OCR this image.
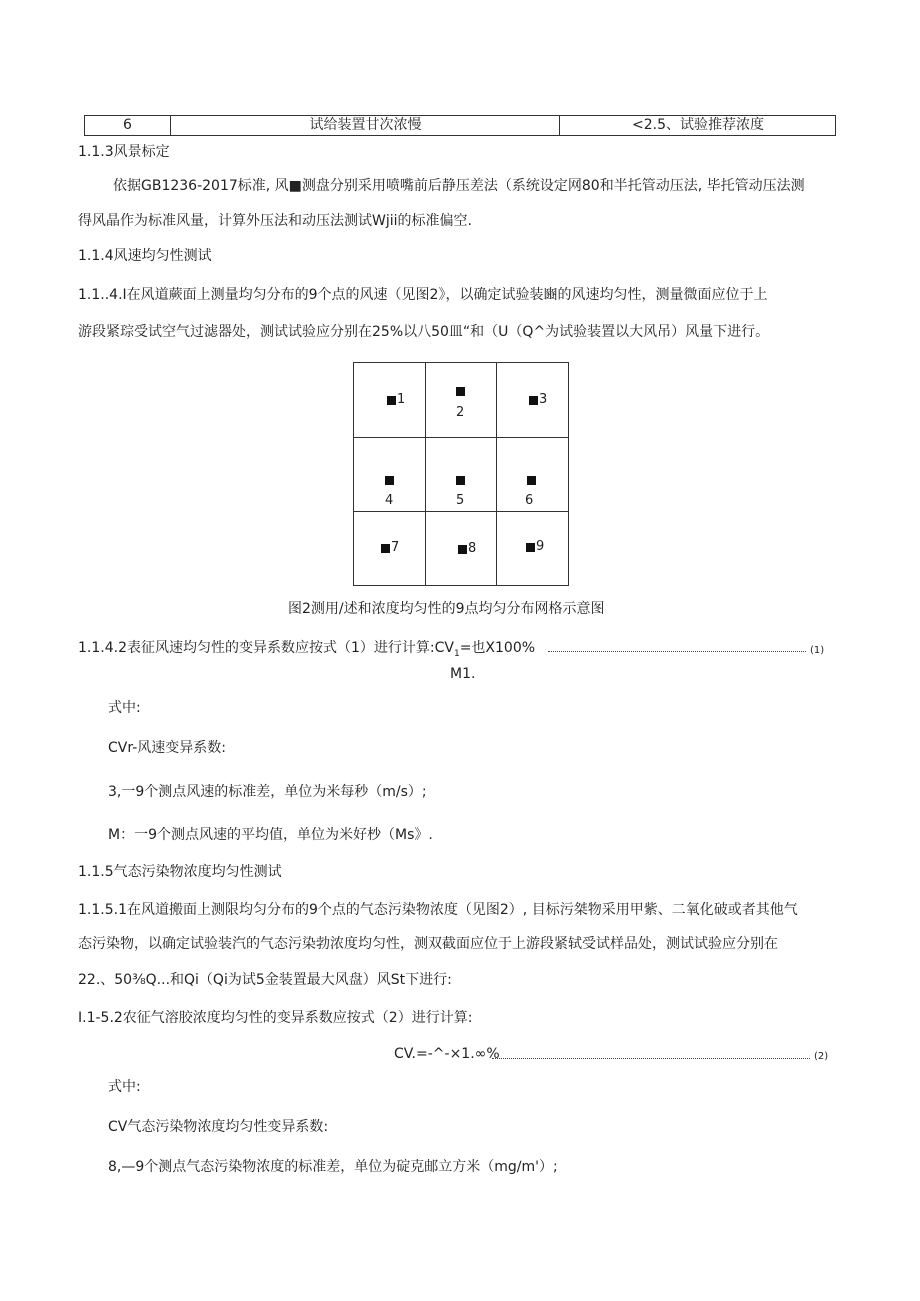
6	试给装置甘次浓慢	<2.5、试验推荐浓度
1.1.3风景标定
依据GB1236-2017标准, 风■测盘分别采用喷嘴前后静压差法（系统设定网80和半托管动压法, 毕托管动压法测
得风晶作为标准风量，计算外压法和动压法测试Wjii的标准偏空.
1.1.4风速均匀性测试
1.1..4.I在风道蕨面上测量均匀分布的9个点的风速（见图2》，以确定试验装豳的风速均匀性，测量微面应位于上
游段紧琮受试空气过滤器处，测试试验应分别在25%以八50皿“和（U（Q^为试验装置以大风吊）风量下进行。
1
2
3
4	5	6
7	8	9
图2测用/述和浓度均匀性的9点均匀分布网格示意图
1.1.4.2表征风速均匀性的变异系数应按式（1）进行计算$:CV_1=$也X100%	(1)
M1.
式中:
CVr-风速变异系数:
3,一9个测点风速的标准差，单位为米每秒（m/s）;
M：一9个测点风速的平均值，单位为米好杪（Ms》.
1.1.5气态污染物浓度均匀性测试
1.1.5.1在风道搬面上测限均匀分布的9个点的气态污染物浓度（见图2）, 目标污桀物采用甲紫、二氧化破或者其他气
态污染物，以确定试验装汽的气态污染勃浓度均匀性，测双截面应位于上游段紧轼受试样品处，测试试验应分别在
22.、50⅜Q...和Qi（Qi为试5金装置最大风盘）风St下进行:
I.1-5.2农征气溶胶浓度均匀性的变异系数应按式（2）进行计算:
CV.=-^-×1.∞%	(2)
式中:
CV气态污染物浓度均匀性变异系数:
8,—9个测点气态污染物浓度的标准差，单位为碇克邮立方米（mg∕m'）;
